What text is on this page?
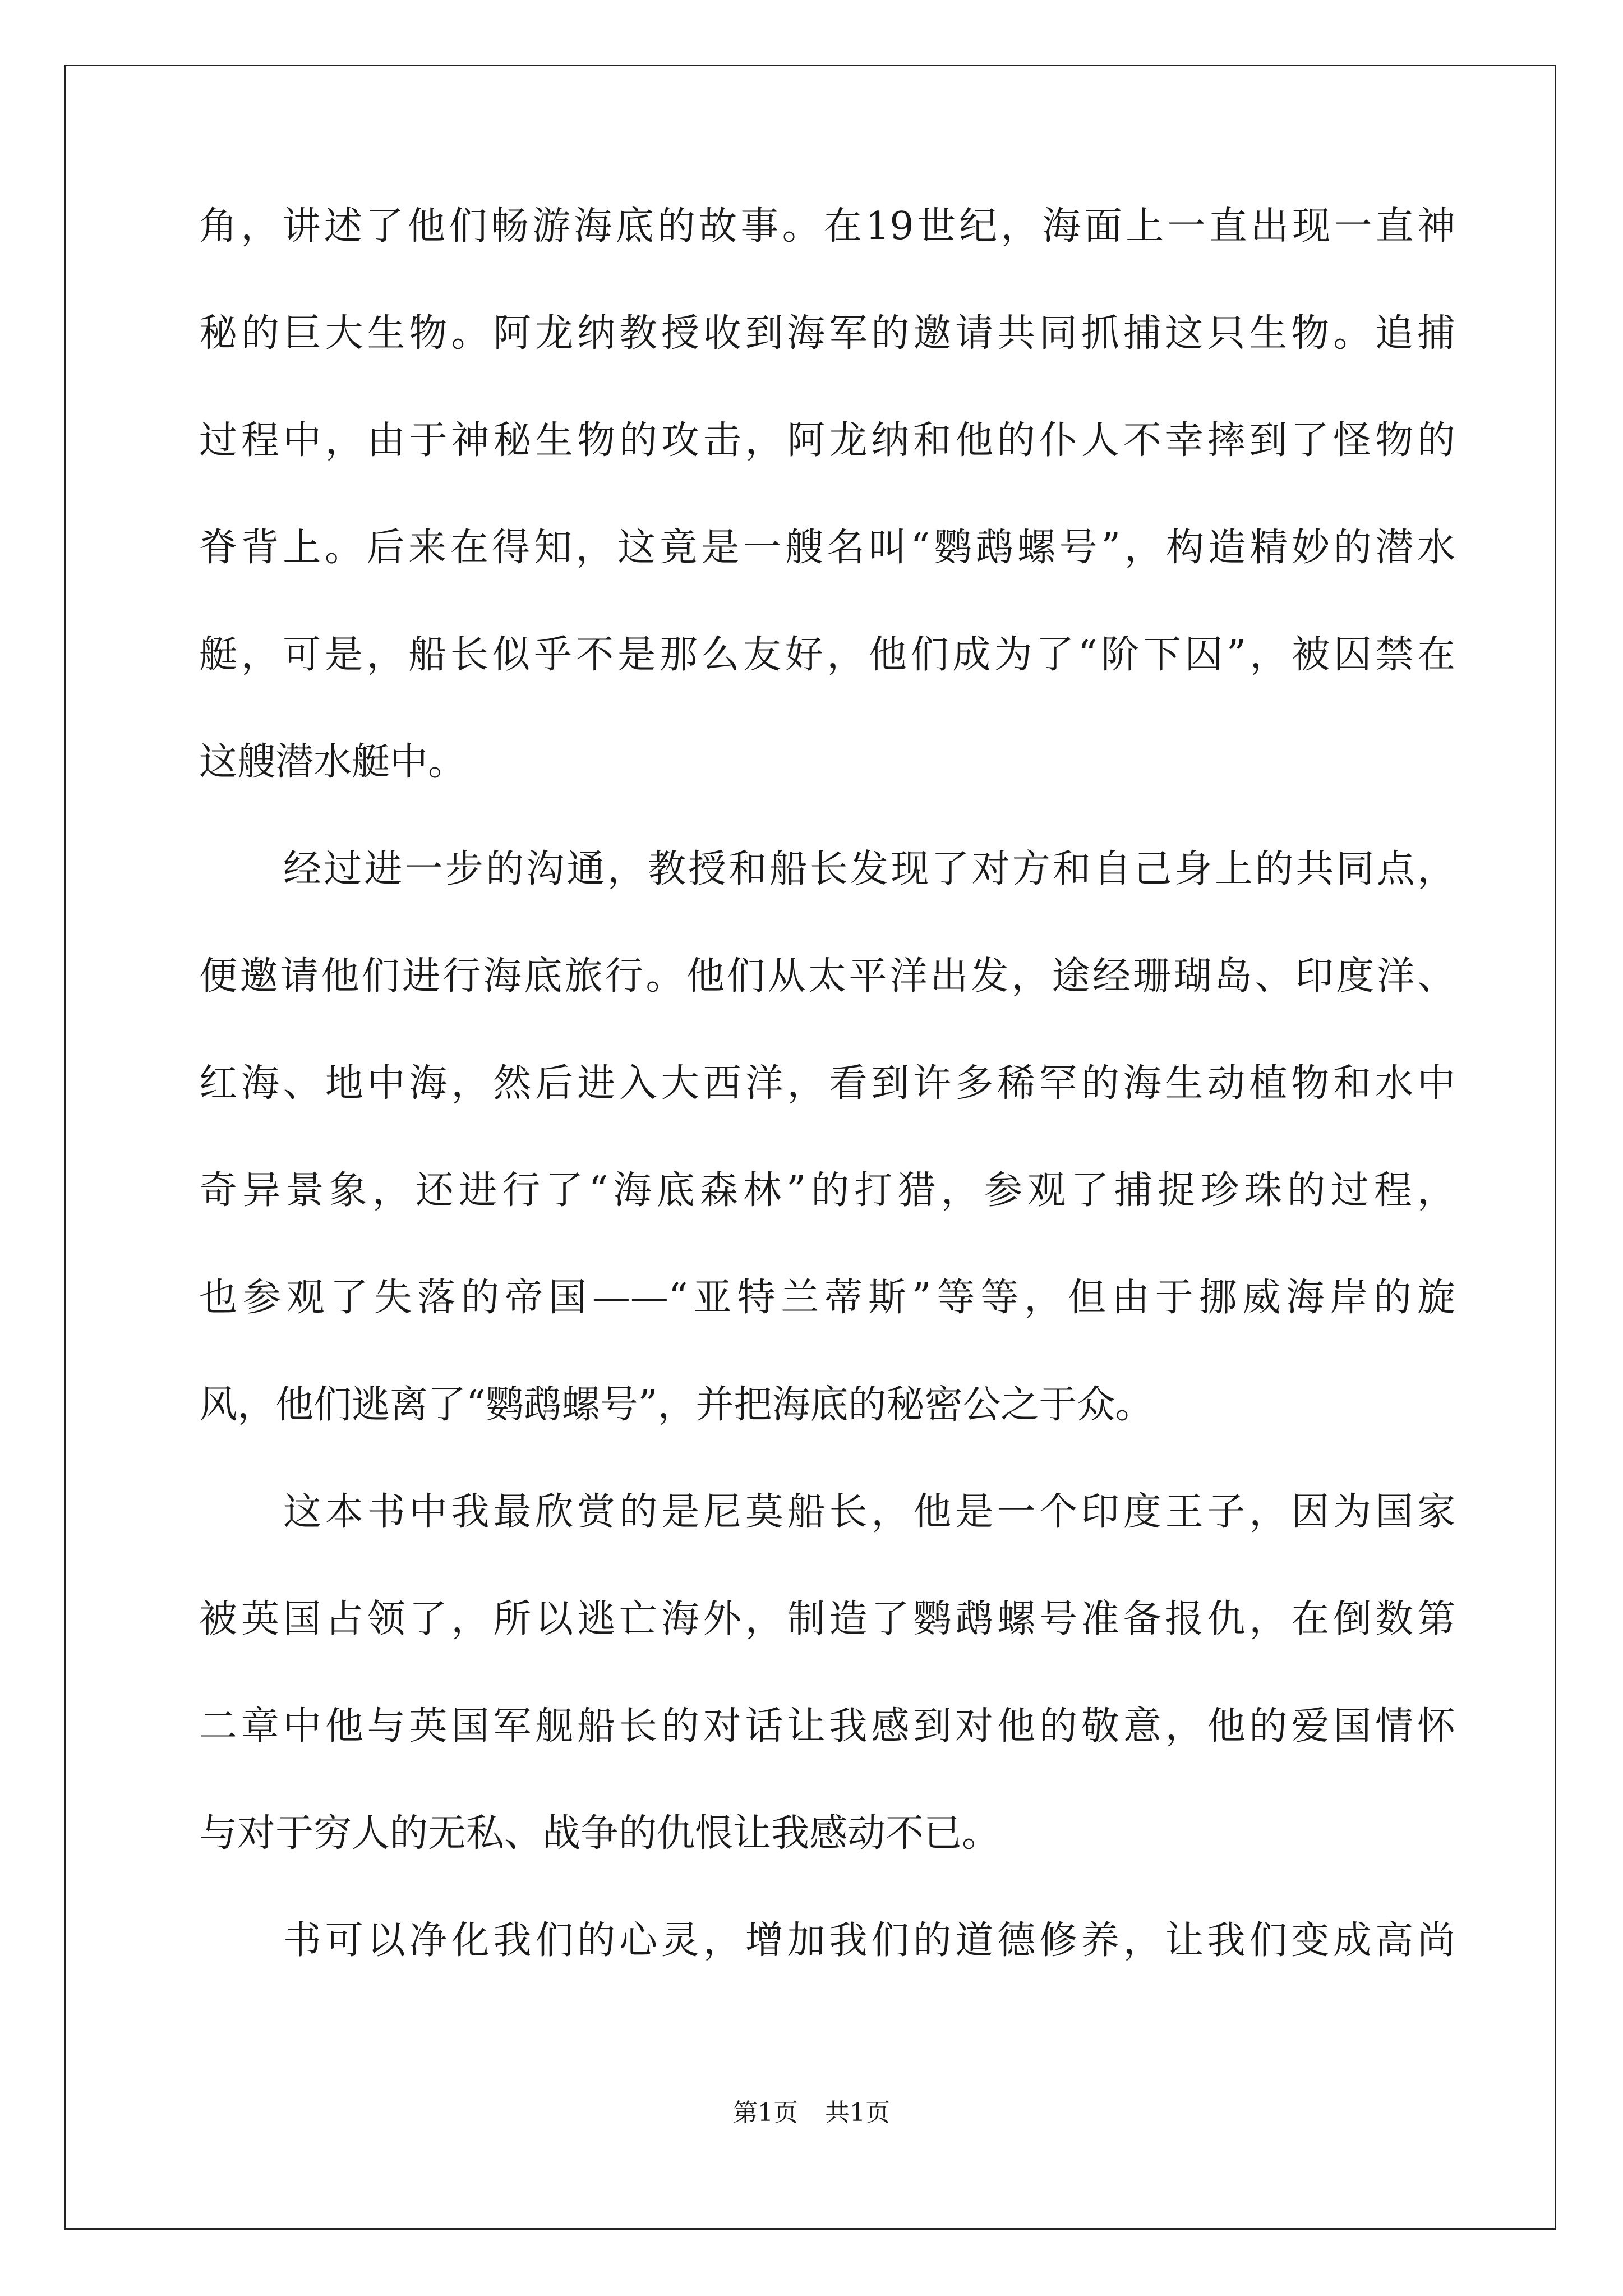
角，讲述了他们畅游海底的故事。在19世纪，海面上一直出现一直神
秘的巨大生物。阿龙纳教授收到海军的邀请共同抓捕这只生物。追捕
过程中，由于神秘生物的攻击，阿龙纳和他的仆人不幸摔到了怪物的
脊背上。后来在得知，这竟是一艘名叫“鹦鹉螺号”，构造精妙的潜水
艇，可是，船长似乎不是那么友好，他们成为了“阶下囚”，被囚禁在
这艘潜水艇中。
经过进一步的沟通，教授和船长发现了对方和自己身上的共同点，
便邀请他们进行海底旅行。他们从太平洋出发，途经珊瑚岛、印度洋、
红海、地中海，然后进入大西洋，看到许多稀罕的海生动植物和水中
奇异景象，还进行了“海底森林”的打猎，参观了捕捉珍珠的过程，
也参观了失落的帝国——“亚特兰蒂斯”等等，但由于挪威海岸的旋
风，他们逃离了“鹦鹉螺号”，并把海底的秘密公之于众。
这本书中我最欣赏的是尼莫船长，他是一个印度王子，因为国家
被英国占领了，所以逃亡海外，制造了鹦鹉螺号准备报仇，在倒数第
二章中他与英国军舰船长的对话让我感到对他的敬意，他的爱国情怀
与对于穷人的无私、战争的仇恨让我感动不已。
书可以净化我们的心灵，增加我们的道德修养，让我们变成高尚
第1页 共1页
